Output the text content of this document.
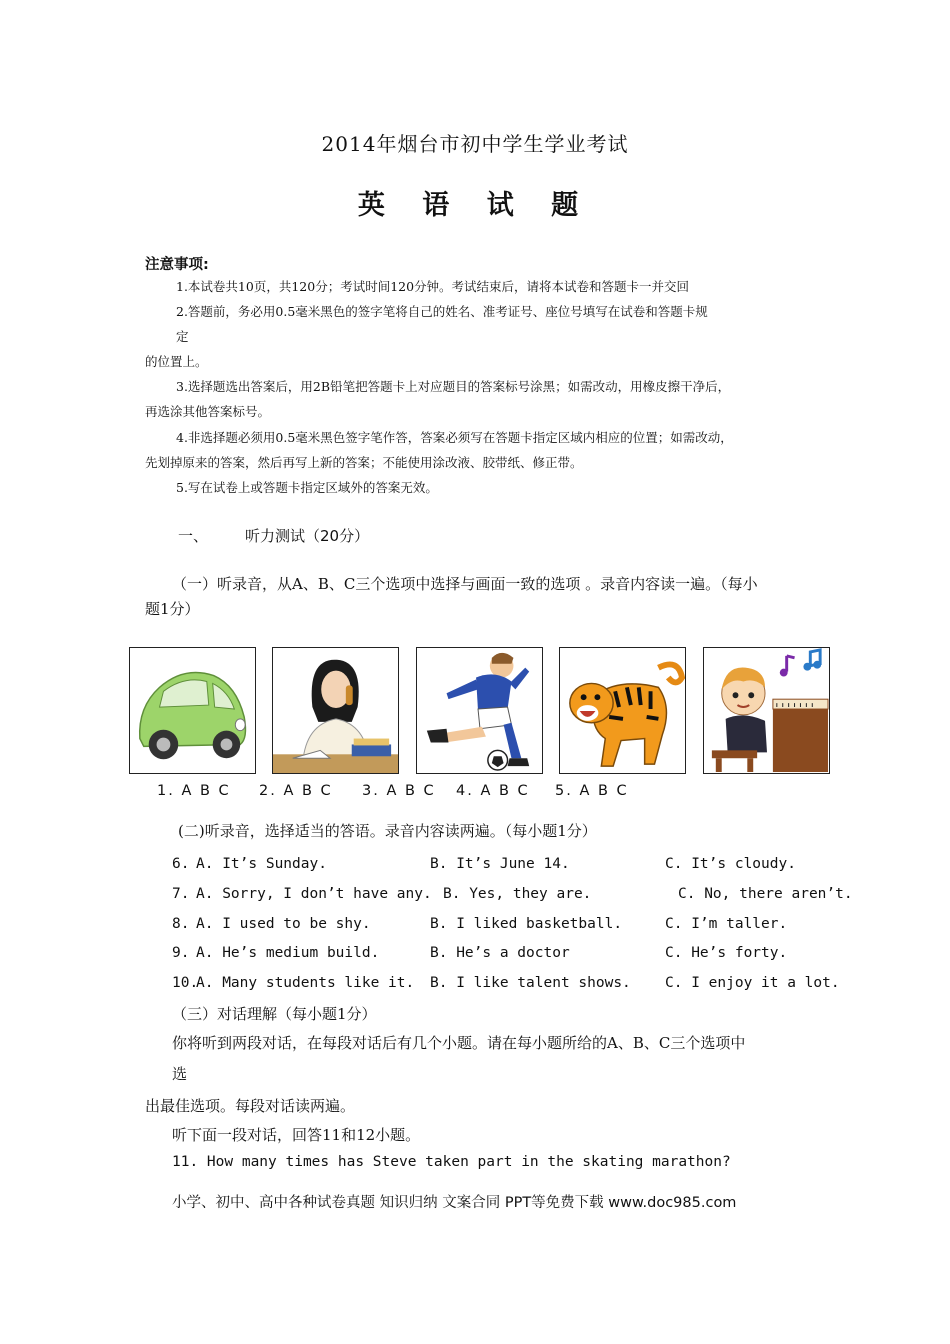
2014年烟台市初中学生学业考试
英 语 试 题
注意事项:
1.本试卷共10页，共120分；考试时间120分钟。考试结束后，请将本试卷和答题卡一并交回
2.答题前，务必用0.5毫米黑色的签字笔将自己的姓名、准考证号、座位号填写在试卷和答题卡规
定
的位置上。
3.选择题选出答案后，用2B铅笔把答题卡上对应题目的答案标号涂黑；如需改动，用橡皮擦干净后，
再选涂其他答案标号。
4.非选择题必须用0.5毫米黑色签字笔作答，答案必须写在答题卡指定区域内相应的位置；如需改动，
先划掉原来的答案，然后再写上新的答案；不能使用涂改液、胶带纸、修正带。
5.写在试卷上或答题卡指定区域外的答案无效。
一、 听力测试（20分）
（一）听录音，从A、B、C三个选项中选择与画面一致的选项 。录音内容读一遍。（每小
题1分）
1. A B C 2. A B C 3. A B C 4. A B C 5. A B C
(二)听录音，选择适当的答语。录音内容读两遍。（每小题1分）
6. A. It’s Sunday.	B. It’s June 14.	C. It’s cloudy.
7. A. Sorry, I don’t have any. B. Yes, they are.	C. No, there aren’t.
8. A. I used to be shy.	B. I liked basketball.	C. I’m taller.
9. A. He’s medium build.	B. He’s a doctor	C. He’s forty.
10.
A. Many students like it. B. I like talent shows. C. I enjoy it a lot.
（三）对话理解（每小题1分）
你将听到两段对话，在每段对话后有几个小题。请在每小题所给的A、B、C三个选项中
选
出最佳选项。每段对话读两遍。
听下面一段对话，回答11和12小题。
11. How many times has Steve taken part in the skating marathon?
小学、初中、高中各种试卷真题 知识归纳 文案合同 PPT等免费下载 www.doc985.com
